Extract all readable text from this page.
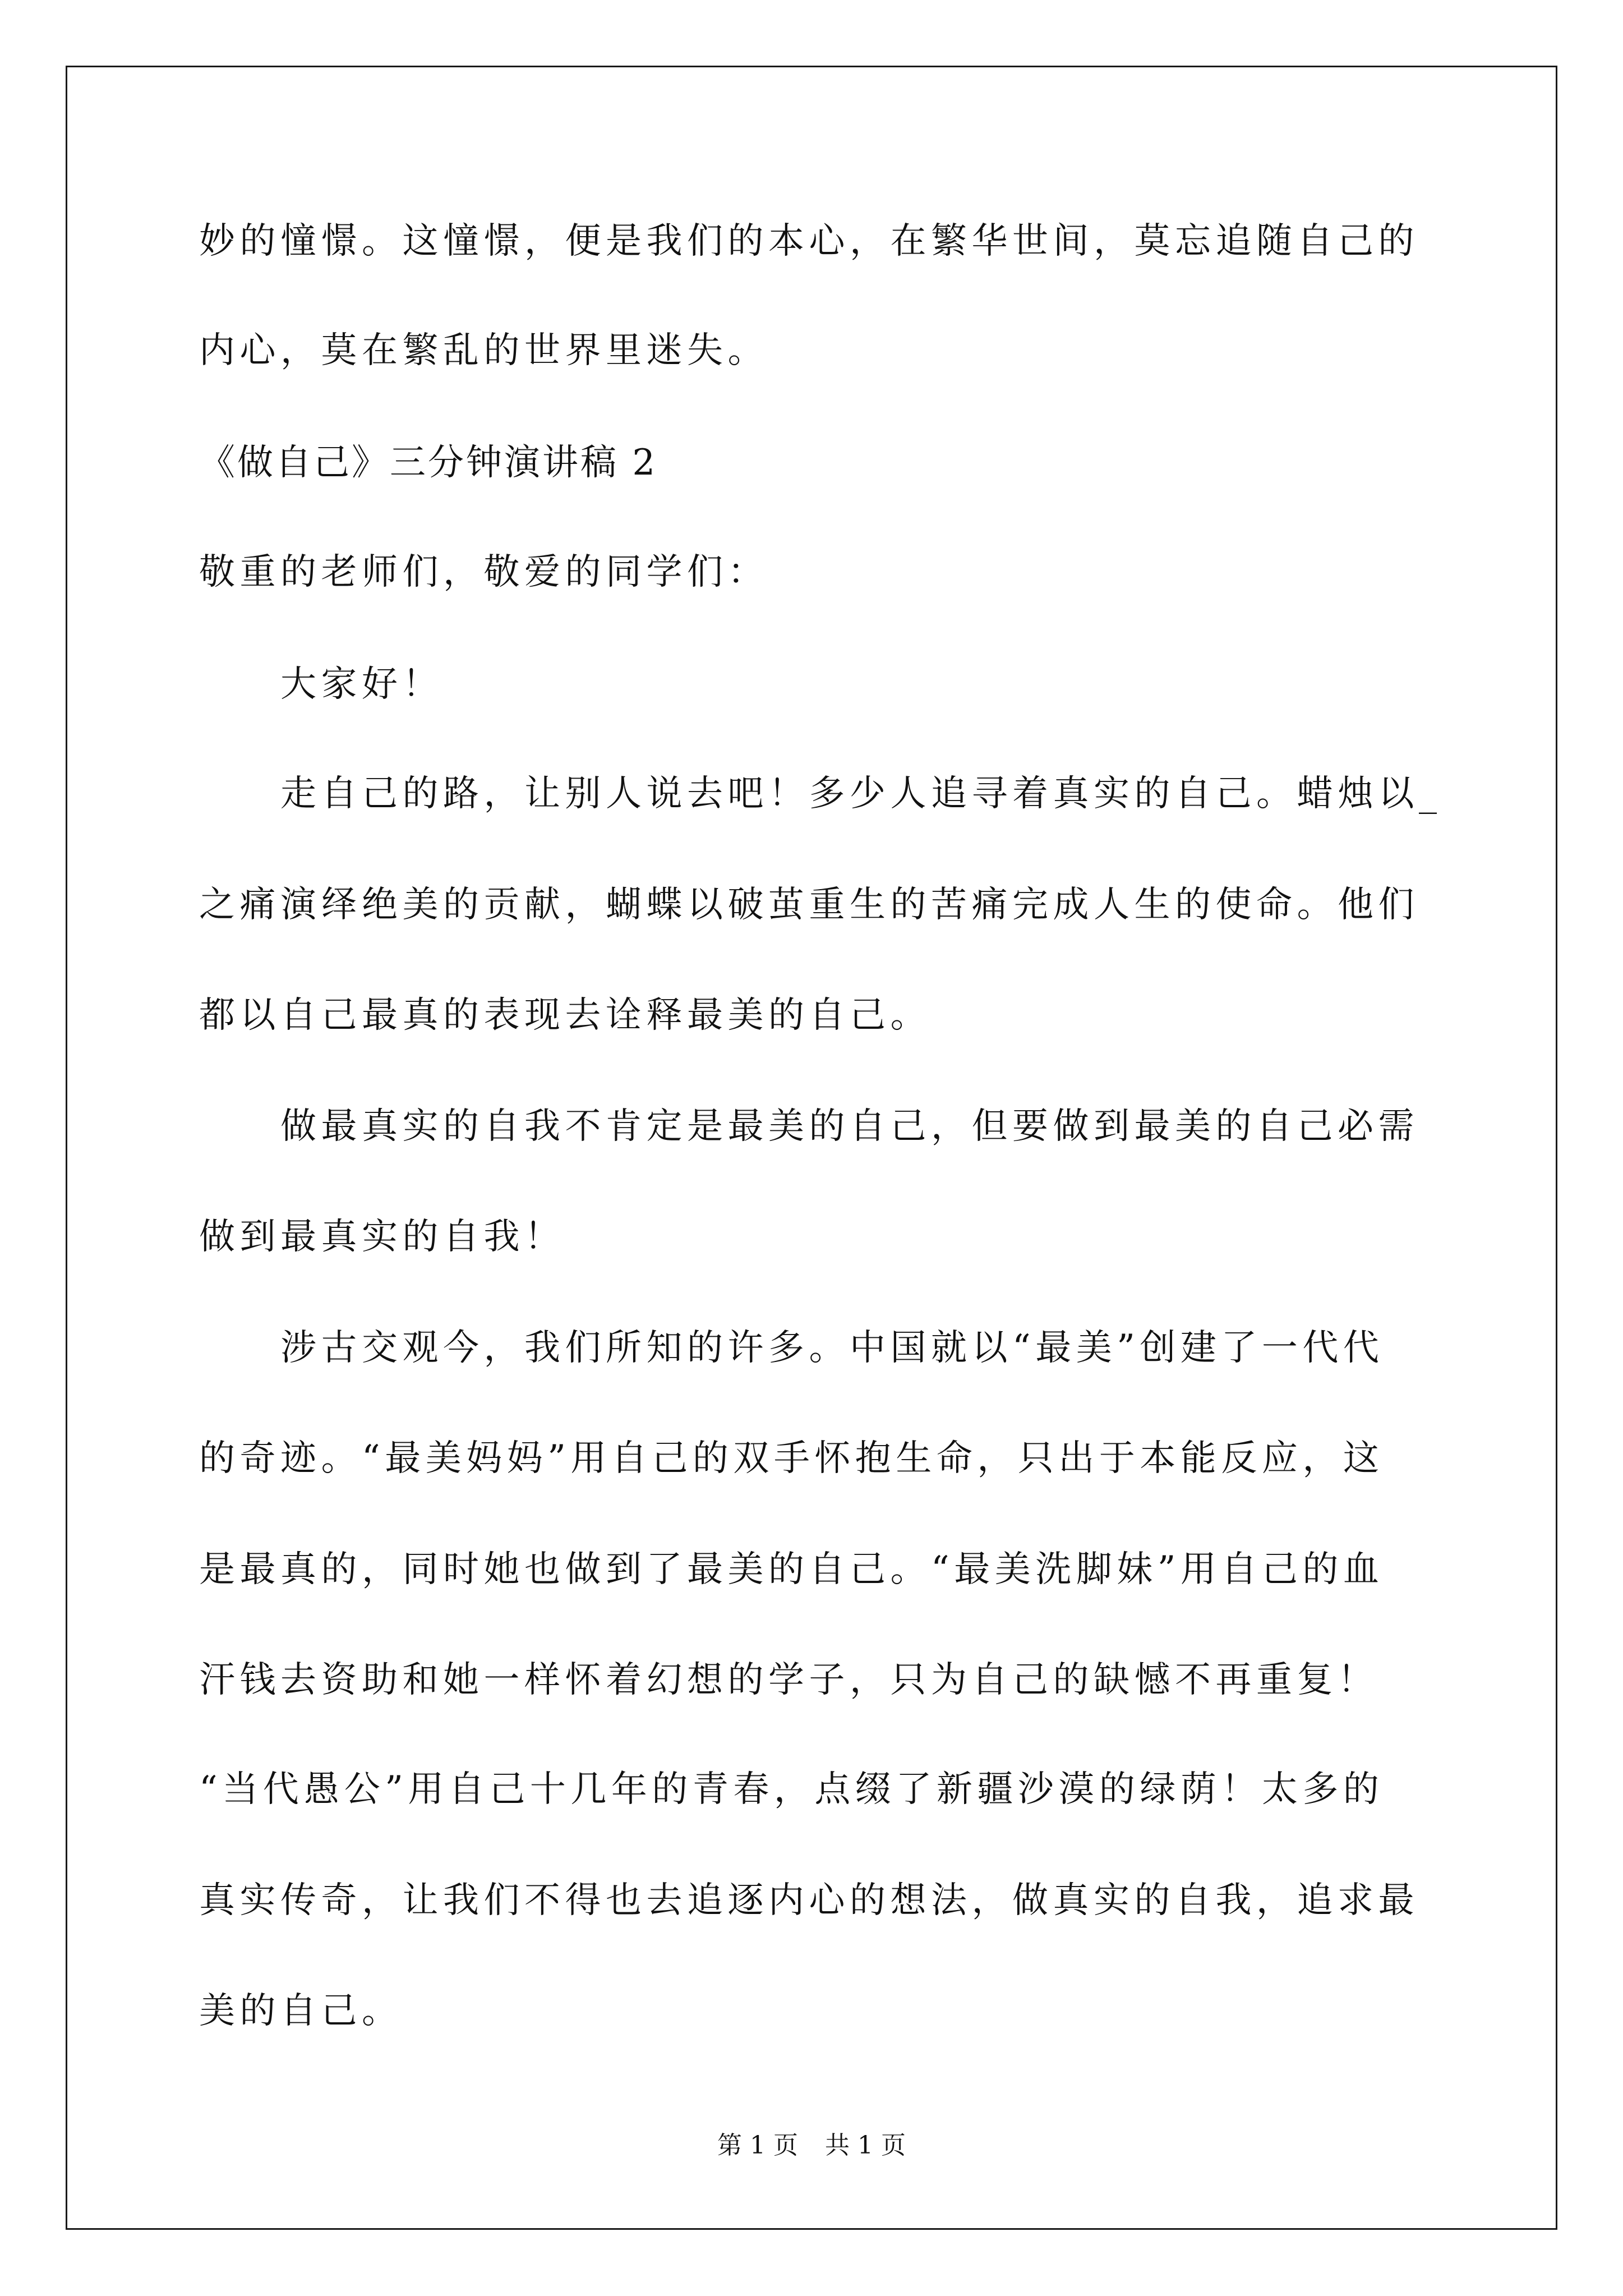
妙的憧憬。这憧憬，便是我们的本心，在繁华世间，莫忘追随自己的
内心，莫在繁乱的世界里迷失。
《做自己》三分钟演讲稿 2
敬重的老师们，敬爱的同学们：
大家好！
走自己的路，让别人说去吧！多少人追寻着真实的自己。蜡烛以_
之痛演绎绝美的贡献，蝴蝶以破茧重生的苦痛完成人生的使命。他们
都以自己最真的表现去诠释最美的自己。
做最真实的自我不肯定是最美的自己，但要做到最美的自己必需
做到最真实的自我！
涉古交观今，我们所知的许多。中国就以“最美”创建了一代代
的奇迹。“最美妈妈”用自己的双手怀抱生命，只出于本能反应，这
是最真的，同时她也做到了最美的自己。“最美洗脚妹”用自己的血
汗钱去资助和她一样怀着幻想的学子，只为自己的缺憾不再重复！
“当代愚公”用自己十几年的青春，点缀了新疆沙漠的绿荫！太多的
真实传奇，让我们不得也去追逐内心的想法，做真实的自我，追求最
美的自己。
第 1 页 共 1 页
